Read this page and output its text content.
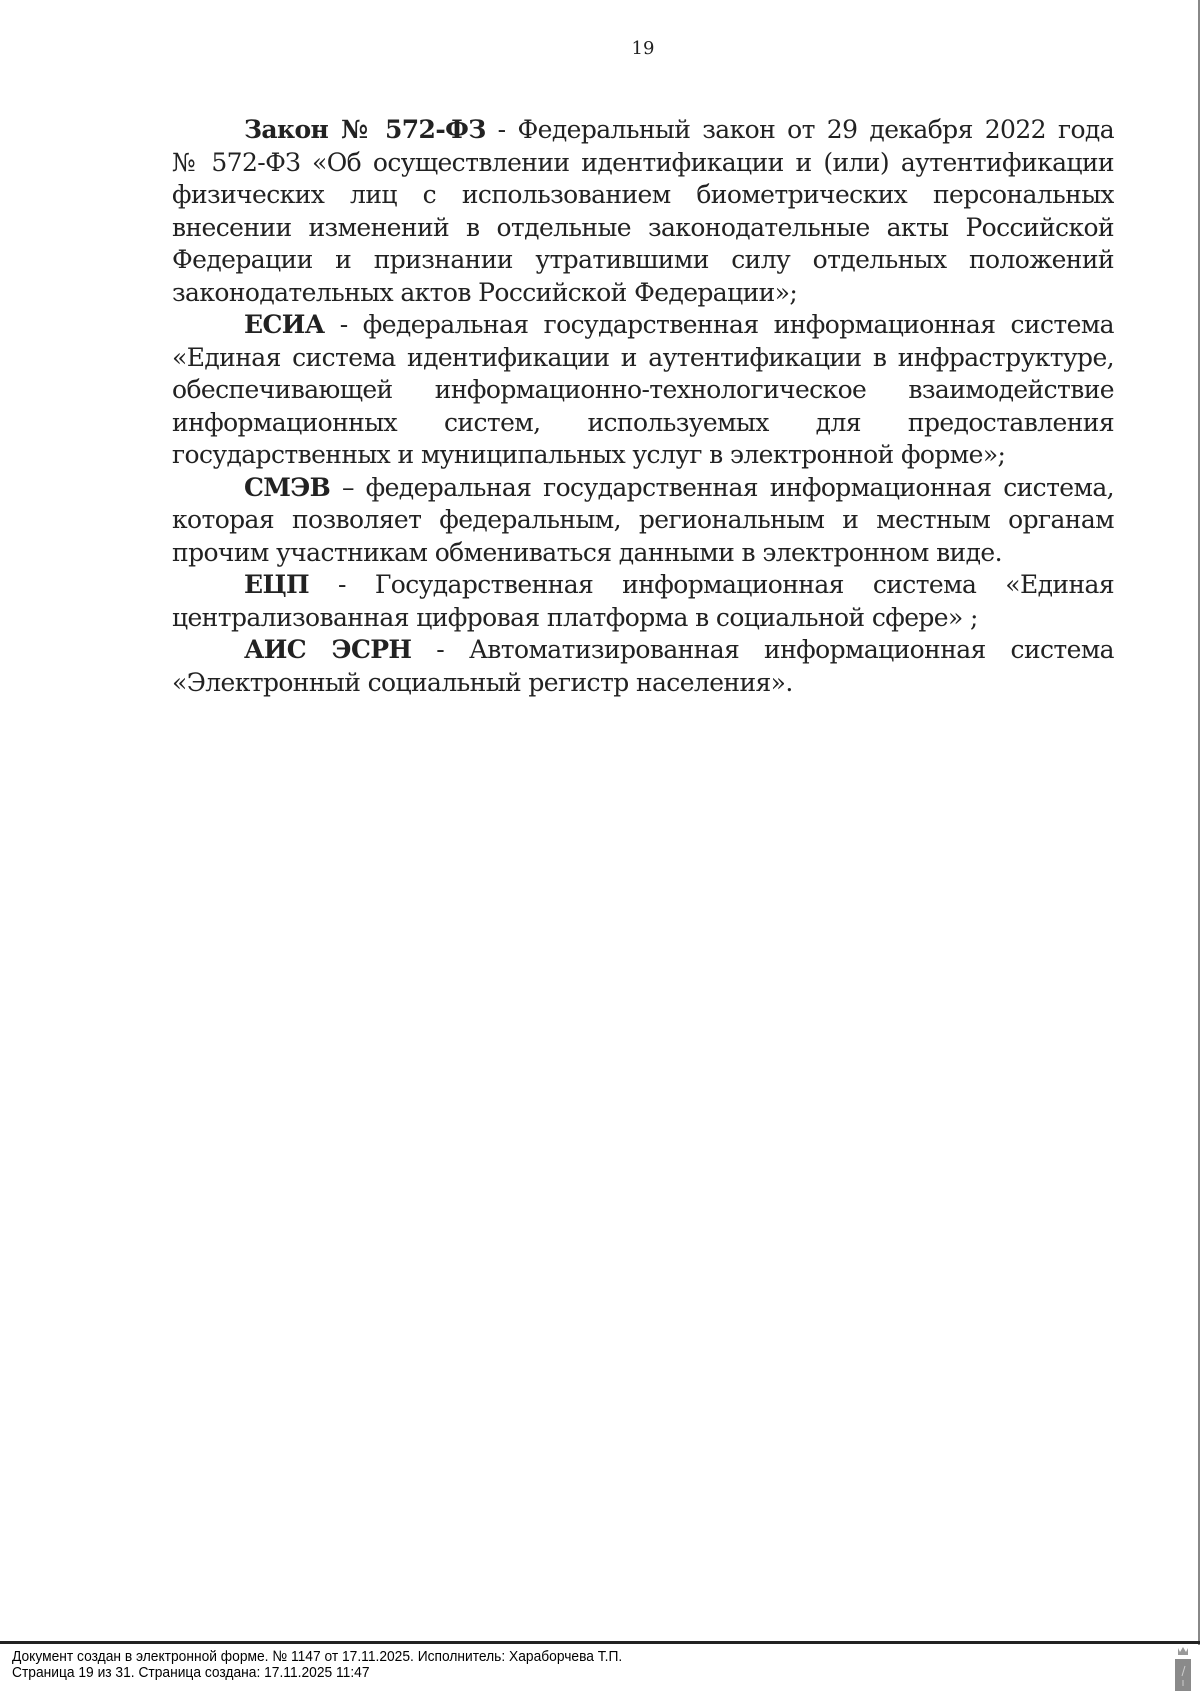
19
Закон № 572-ФЗ - Федеральный закон от 29 декабря 2022 года
№ 572-ФЗ «Об осуществлении идентификации и (или) аутентификации
физических лиц с использованием биометрических персональных
внесении изменений в отдельные законодательные акты Российской
Федерации и признании утратившими силу отдельных положений
законодательных актов Российской Федерации»;
ЕСИА - федеральная государственная информационная система
«Единая система идентификации и аутентификации в инфраструктуре,
обеспечивающей информационно-технологическое взаимодействие
информационных систем, используемых для предоставления
государственных и муниципальных услуг в электронной форме»;
СМЭВ – федеральная государственная информационная система,
которая позволяет федеральным, региональным и местным органам
прочим участникам обмениваться данными в электронном виде.
ЕЦП - Государственная информационная система «Единая
централизованная цифровая платформа в социальной сфере» ;
АИС ЭСРН - Автоматизированная информационная система
«Электронный социальный регистр населения».
Документ создан в электронной форме. № 1147 от 17.11.2025. Исполнитель: Хараборчева Т.П.
Страница 19 из 31. Страница создана: 17.11.2025 11:47
